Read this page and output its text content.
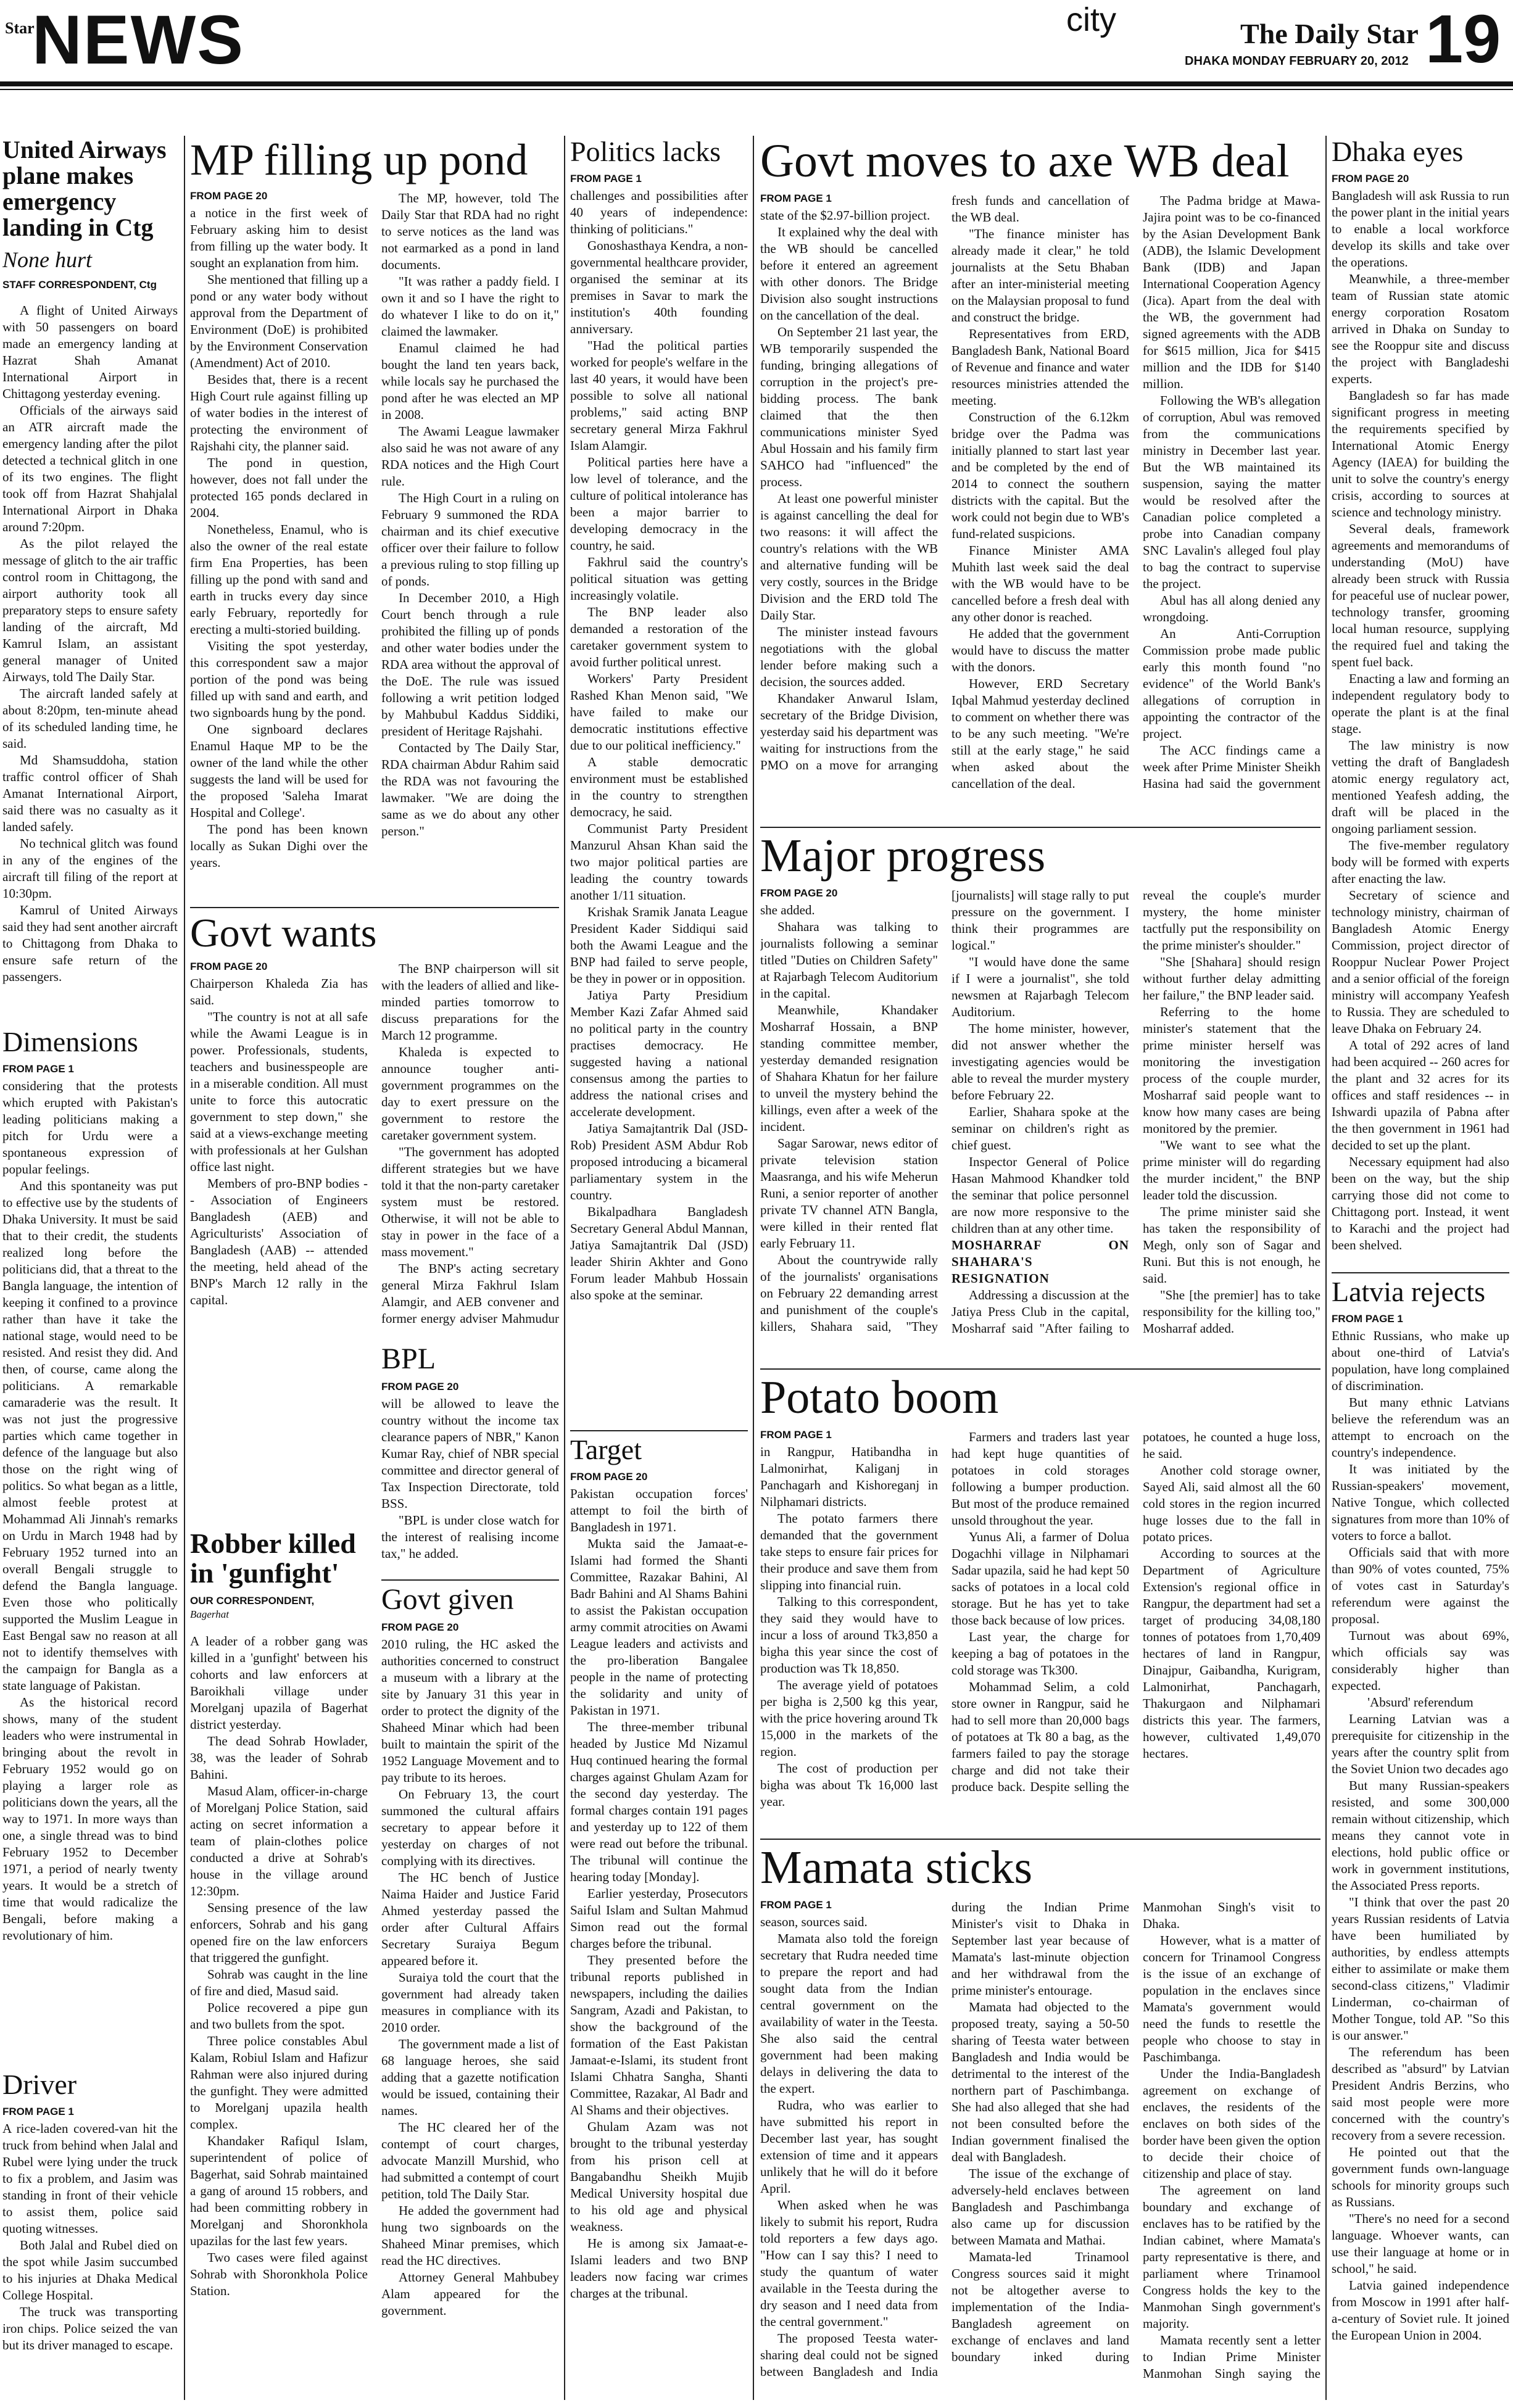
Star
NEWS	city	The Daily Star
DHAKA MONDAY FEBRUARY 20, 2012 19
United Airways plane makes emergency landing in Ctg
None hurt
STAFF CORRESPONDENT, Ctg

A flight of United Airways with 50 passengers on board made an emergency landing at Hazrat Shah Amanat International Airport in Chittagong yesterday evening.

Officials of the airways said an ATR aircraft made the emergency landing after the pilot detected a technical glitch in one of its two engines. The flight took off from Hazrat Shahjalal International Airport in Dhaka around 7:20pm.

As the pilot relayed the message of glitch to the air traffic control room in Chittagong, the airport authority took all preparatory steps to ensure safety landing of the aircraft, Md Kamrul Islam, an assistant general manager of United Airways, told The Daily Star.

The aircraft landed safely at about 8:20pm, ten-minute ahead of its scheduled landing time, he said.

Md Shamsuddoha, station traffic control officer of Shah Amanat International Airport, said there was no casualty as it landed safely.

No technical glitch was found in any of the engines of the aircraft till filing of the report at 10:30pm.

Kamrul of United Airways said they had sent another aircraft to Chittagong from Dhaka to ensure safe return of the passengers.

Dimensions
FROM PAGE 1

considering that the protests which erupted with Pakistan's leading politicians making a pitch for Urdu were a spontaneous expression of popular feelings.

And this spontaneity was put to effective use by the students of Dhaka University. It must be said that to their credit, the students realized long before the politicians did, that a threat to the Bangla language, the intention of keeping it confined to a province rather than have it take the national stage, would need to be resisted. And resist they did. And then, of course, came along the politicians. A remarkable camaraderie was the result. It was not just the progressive parties which came together in defence of the language but also those on the right wing of politics. So what began as a little, almost feeble protest at Mohammad Ali Jinnah's remarks on Urdu in March 1948 had by February 1952 turned into an overall Bengali struggle to defend the Bangla language. Even those who politically supported the Muslim League in East Bengal saw no reason at all not to identify themselves with the campaign for Bangla as a state language of Pakistan.

As the historical record shows, many of the student leaders who were instrumental in bringing about the revolt in February 1952 would go on playing a larger role as politicians down the years, all the way to 1971. In more ways than one, a single thread was to bind February 1952 to December 1971, a period of nearly twenty years. It would be a stretch of time that would radicalize the Bengali, before making a revolutionary of him.

Driver
FROM PAGE 1

A rice-laden covered-van hit the truck from behind when Jalal and Rubel were lying under the truck to fix a problem, and Jasim was standing in front of their vehicle to assist them, police said quoting witnesses.

Both Jalal and Rubel died on the spot while Jasim succumbed to his injuries at Dhaka Medical College Hospital.

The truck was transporting iron chips. Police seized the van but its driver managed to escape.

MP filling up pond
FROM PAGE 20

a notice in the first week of February asking him to desist from filling up the water body. It sought an explanation from him.

She mentioned that filling up a pond or any water body without approval from the Department of Environment (DoE) is prohibited by the Environment Conservation (Amendment) Act of 2010.

Besides that, there is a recent High Court rule against filling up of water bodies in the interest of protecting the environment of Rajshahi city, the planner said.

The pond in question, however, does not fall under the protected 165 ponds declared in 2004.

Nonetheless, Enamul, who is also the owner of the real estate firm Ena Properties, has been filling up the pond with sand and earth in trucks every day since early February, reportedly for erecting a multi-storied building.

Visiting the spot yesterday, this correspondent saw a major portion of the pond was being filled up with sand and earth, and two signboards hung by the pond.

One signboard declares Enamul Haque MP to be the owner of the land while the other suggests the land will be used for the proposed 'Saleha Imarat Hospital and College'.

The pond has been known locally as Sukan Dighi over the years.

The MP, however, told The Daily Star that RDA had no right to serve notices as the land was not earmarked as a pond in land documents.

"It was rather a paddy field. I own it and so I have the right to do whatever I like to do on it," claimed the lawmaker.

Enamul claimed he had bought the land ten years back, while locals say he purchased the pond after he was elected an MP in 2008.

The Awami League lawmaker also said he was not aware of any RDA notices and the High Court rule.

The High Court in a ruling on February 9 summoned the RDA chairman and its chief executive officer over their failure to follow a previous ruling to stop filling up of ponds.

In December 2010, a High Court bench through a rule prohibited the filling up of ponds and other water bodies under the RDA area without the approval of the DoE. The rule was issued following a writ petition lodged by Mahbubul Kaddus Siddiki, president of Heritage Rajshahi.

Contacted by The Daily Star, RDA chairman Abdur Rahim said the RDA was not favouring the lawmaker. "We are doing the same as we do about any other person."

Govt wants
FROM PAGE 20

Chairperson Khaleda Zia has said.

"The country is not at all safe while the Awami League is in power. Professionals, students, teachers and businesspeople are in a miserable condition. All must unite to force this autocratic government to step down," she said at a views-exchange meeting with professionals at her Gulshan office last night.

Members of pro-BNP bodies -- Association of Engineers Bangladesh (AEB) and Agriculturists' Association of Bangladesh (AAB) -- attended the meeting, held ahead of the BNP's March 12 rally in the capital.

The BNP chairperson will sit with the leaders of allied and like-minded parties tomorrow to discuss preparations for the March 12 programme.

Khaleda is expected to announce tougher anti-government programmes on the day to exert pressure on the government to restore the caretaker government system.

"The government has adopted different strategies but we have told it that the non-party caretaker system must be restored. Otherwise, it will not be able to stay in power in the face of a mass movement."

The BNP's acting secretary general Mirza Fakhrul Islam Alamgir, and AEB convener and former energy adviser Mahmudur

Robber killed in 'gunfight'
OUR CORRESPONDENT,
Bagerhat

A leader of a robber gang was killed in a 'gunfight' between his cohorts and law enforcers at Baroikhali village under Morelganj upazila of Bagerhat district yesterday.

The dead Sohrab Howlader, 38, was the leader of Sohrab Bahini.

Masud Alam, officer-in-charge of Morelganj Police Station, said acting on secret information a team of plain-clothes police conducted a drive at Sohrab's house in the village around 12:30pm.

Sensing presence of the law enforcers, Sohrab and his gang opened fire on the law enforcers that triggered the gunfight.

Sohrab was caught in the line of fire and died, Masud said.

Police recovered a pipe gun and two bullets from the spot.

Three police constables Abul Kalam, Robiul Islam and Hafizur Rahman were also injured during the gunfight. They were admitted to Morelganj upazila health complex.

Khandaker Rafiqul Islam, superintendent of police of Bagerhat, said Sohrab maintained a gang of around 15 robbers, and had been committing robbery in Morelganj and Shoronkhola upazilas for the last few years.

Two cases were filed against Sohrab with Shoronkhola Police Station.

BPL
FROM PAGE 20

will be allowed to leave the country without the income tax clearance papers of NBR," Kanon Kumar Ray, chief of NBR special committee and director general of Tax Inspection Directorate, told BSS.

"BPL is under close watch for the interest of realising income tax," he added.

Govt given
FROM PAGE 20

2010 ruling, the HC asked the authorities concerned to construct a museum with a library at the site by January 31 this year in order to protect the dignity of the Shaheed Minar which had been built to maintain the spirit of the 1952 Language Movement and to pay tribute to its heroes.

On February 13, the court summoned the cultural affairs secretary to appear before it yesterday on charges of not complying with its directives.

The HC bench of Justice Naima Haider and Justice Farid Ahmed yesterday passed the order after Cultural Affairs Secretary Suraiya Begum appeared before it.

Suraiya told the court that the government had already taken measures in compliance with its 2010 order.

The government made a list of 68 language heroes, she said adding that a gazette notification would be issued, containing their names.

The HC cleared her of the contempt of court charges, advocate Manzill Murshid, who had submitted a contempt of court petition, told The Daily Star.

He added the government had hung two signboards on the Shaheed Minar premises, which read the HC directives.

Attorney General Mahbubey Alam appeared for the government.

Politics lacks
FROM PAGE 1

challenges and possibilities after 40 years of independence: thinking of politicians."

Gonoshasthaya Kendra, a non-governmental healthcare provider, organised the seminar at its premises in Savar to mark the institution's 40th founding anniversary.

"Had the political parties worked for people's welfare in the last 40 years, it would have been possible to solve all national problems," said acting BNP secretary general Mirza Fakhrul Islam Alamgir.

Political parties here have a low level of tolerance, and the culture of political intolerance has been a major barrier to developing democracy in the country, he said.

Fakhrul said the country's political situation was getting increasingly volatile.

The BNP leader also demanded a restoration of the caretaker government system to avoid further political unrest.

Workers' Party President Rashed Khan Menon said, "We have failed to make our democratic institutions effective due to our political inefficiency."

A stable democratic environment must be established in the country to strengthen democracy, he said.

Communist Party President Manzurul Ahsan Khan said the two major political parties are leading the country towards another 1/11 situation.

Krishak Sramik Janata League President Kader Siddiqui said both the Awami League and the BNP had failed to serve people, be they in power or in opposition.

Jatiya Party Presidium Member Kazi Zafar Ahmed said no political party in the country practises democracy. He suggested having a national consensus among the parties to address the national crises and accelerate development.

Jatiya Samajtantrik Dal (JSD-Rob) President ASM Abdur Rob proposed introducing a bicameral parliamentary system in the country.

Bikalpadhara Bangladesh Secretary General Abdul Mannan, Jatiya Samajtantrik Dal (JSD) leader Shirin Akhter and Gono Forum leader Mahbub Hossain also spoke at the seminar.

Target
FROM PAGE 20

Pakistan occupation forces' attempt to foil the birth of Bangladesh in 1971.

Mukta said the Jamaat-e-Islami had formed the Shanti Committee, Razakar Bahini, Al Badr Bahini and Al Shams Bahini to assist the Pakistan occupation army commit atrocities on Awami League leaders and activists and the pro-liberation Bangalee people in the name of protecting the solidarity and unity of Pakistan in 1971.

The three-member tribunal headed by Justice Md Nizamul Huq continued hearing the formal charges against Ghulam Azam for the second day yesterday. The formal charges contain 191 pages and yesterday up to 122 of them were read out before the tribunal. The tribunal will continue the hearing today [Monday].

Earlier yesterday, Prosecutors Saiful Islam and Sultan Mahmud Simon read out the formal charges before the tribunal.

They presented before the tribunal reports published in newspapers, including the dailies Sangram, Azadi and Pakistan, to show the background of the formation of the East Pakistan Jamaat-e-Islami, its student front Islami Chhatra Sangha, Shanti Committee, Razakar, Al Badr and Al Shams and their objectives.

Ghulam Azam was not brought to the tribunal yesterday from his prison cell at Bangabandhu Sheikh Mujib Medical University hospital due to his old age and physical weakness.

He is among six Jamaat-e-Islami leaders and two BNP leaders now facing war crimes charges at the tribunal.

Govt moves to axe WB deal
FROM PAGE 1

state of the $2.97-billion project.

It explained why the deal with the WB should be cancelled before it entered an agreement with other donors. The Bridge Division also sought instructions on the cancellation of the deal.

On September 21 last year, the WB temporarily suspended the funding, bringing allegations of corruption in the project's pre-bidding process. The bank claimed that the then communications minister Syed Abul Hossain and his family firm SAHCO had "influenced" the process.

At least one powerful minister is against cancelling the deal for two reasons: it will affect the country's relations with the WB and alternative funding will be very costly, sources in the Bridge Division and the ERD told The Daily Star.

The minister instead favours negotiations with the global lender before making such a decision, the sources added.

Khandaker Anwarul Islam, secretary of the Bridge Division, yesterday said his department was waiting for instructions from the PMO on a move for arranging fresh funds and cancellation of the WB deal.

"The finance minister has already made it clear," he told journalists at the Setu Bhaban after an inter-ministerial meeting on the Malaysian proposal to fund and construct the bridge.

Representatives from ERD, Bangladesh Bank, National Board of Revenue and finance and water resources ministries attended the meeting.

Construction of the 6.12km bridge over the Padma was initially planned to start last year and be completed by the end of 2014 to connect the southern districts with the capital. But the work could not begin due to WB's fund-related suspicions.

Finance Minister AMA Muhith last week said the deal with the WB would have to be cancelled before a fresh deal with any other donor is reached.

He added that the government would have to discuss the matter with the donors.

However, ERD Secretary Iqbal Mahmud yesterday declined to comment on whether there was to be any such meeting. "We're still at the early stage," he said when asked about the cancellation of the deal.

The Padma bridge at Mawa-Jajira point was to be co-financed by the Asian Development Bank (ADB), the Islamic Development Bank (IDB) and Japan International Cooperation Agency (Jica). Apart from the deal with the WB, the government had signed agreements with the ADB for $615 million, Jica for $415 million and the IDB for $140 million.

Following the WB's allegation of corruption, Abul was removed from the communications ministry in December last year. But the WB maintained its suspension, saying the matter would be resolved after the Canadian police completed a probe into Canadian company SNC Lavalin's alleged foul play to bag the contract to supervise the project.

Abul has all along denied any wrongdoing.

An Anti-Corruption Commission probe made public early this month found "no evidence" of the World Bank's allegations of corruption in appointing the contractor of the project.

The ACC findings came a week after Prime Minister Sheikh Hasina had said the government

Major progress
FROM PAGE 20

she added.

Shahara was talking to journalists following a seminar titled "Duties on Children Safety" at Rajarbagh Telecom Auditorium in the capital.

Meanwhile, Khandaker Mosharraf Hossain, a BNP standing committee member, yesterday demanded resignation of Shahara Khatun for her failure to unveil the mystery behind the killings, even after a week of the incident.

Sagar Sarowar, news editor of private television station Maasranga, and his wife Meherun Runi, a senior reporter of another private TV channel ATN Bangla, were killed in their rented flat early February 11.

About the countrywide rally of the journalists' organisations on February 22 demanding arrest and punishment of the couple's killers, Shahara said, "They [journalists] will stage rally to put pressure on the government. I think their programmes are logical."

"I would have done the same if I were a journalist", she told newsmen at Rajarbagh Telecom Auditorium.

The home minister, however, did not answer whether the investigating agencies would be able to reveal the murder mystery before February 22.

Earlier, Shahara spoke at the seminar on children's right as chief guest.

Inspector General of Police Hasan Mahmood Khandker told the seminar that police personnel are now more responsive to the children than at any other time.

MOSHARRAF ON SHAHARA'S RESIGNATION

Addressing a discussion at the Jatiya Press Club in the capital, Mosharraf said "After failing to reveal the couple's murder mystery, the home minister tactfully put the responsibility on the prime minister's shoulder."

"She [Shahara] should resign without further delay admitting her failure," the BNP leader said.

Referring to the home minister's statement that the prime minister herself was monitoring the investigation process of the couple murder, Mosharraf said people want to know how many cases are being monitored by the premier.

"We want to see what the prime minister will do regarding the murder incident," the BNP leader told the discussion.

The prime minister said she has taken the responsibility of Megh, only son of Sagar and Runi. But this is not enough, he said.

"She [the premier] has to take responsibility for the killing too," Mosharraf added.

Potato boom
FROM PAGE 1

in Rangpur, Hatibandha in Lalmonirhat, Kaliganj in Panchagarh and Kishoreganj in Nilphamari districts.

The potato farmers there demanded that the government take steps to ensure fair prices for their produce and save them from slipping into financial ruin.

Talking to this correspondent, they said they would have to incur a loss of around Tk3,850 a bigha this year since the cost of production was Tk 18,850.

The average yield of potatoes per bigha is 2,500 kg this year, with the price hovering around Tk 15,000 in the markets of the region.

The cost of production per bigha was about Tk 16,000 last year.

Farmers and traders last year had kept huge quantities of potatoes in cold storages following a bumper production. But most of the produce remained unsold throughout the year.

Yunus Ali, a farmer of Dolua Dogachhi village in Nilphamari Sadar upazila, said he had kept 50 sacks of potatoes in a local cold storage. But he has yet to take those back because of low prices.

Last year, the charge for keeping a bag of potatoes in the cold storage was Tk300.

Mohammad Selim, a cold store owner in Rangpur, said he had to sell more than 20,000 bags of potatoes at Tk 80 a bag, as the farmers failed to pay the storage charge and did not take their produce back. Despite selling the potatoes, he counted a huge loss, he said.

Another cold storage owner, Sayed Ali, said almost all the 60 cold stores in the region incurred huge losses due to the fall in potato prices.

According to sources at the Department of Agriculture Extension's regional office in Rangpur, the department had set a target of producing 34,08,180 tonnes of potatoes from 1,70,409 hectares of land in Rangpur, Dinajpur, Gaibandha, Kurigram, Lalmonirhat, Panchagarh, Thakurgaon and Nilphamari districts this year. The farmers, however, cultivated 1,49,070 hectares.

Mamata sticks
FROM PAGE 1

season, sources said.

Mamata also told the foreign secretary that Rudra needed time to prepare the report and had sought data from the Indian central government on the availability of water in the Teesta. She also said the central government had been making delays in delivering the data to the expert.

Rudra, who was earlier to have submitted his report in December last year, has sought extension of time and it appears unlikely that he will do it before April.

When asked when he was likely to submit his report, Rudra told reporters a few days ago. "How can I say this? I need to study the quantum of water available in the Teesta during the dry season and I need data from the central government."

The proposed Teesta water-sharing deal could not be signed between Bangladesh and India during the Indian Prime Minister's visit to Dhaka in September last year because of Mamata's last-minute objection and her withdrawal from the prime minister's entourage.

Mamata had objected to the proposed treaty, saying a 50-50 sharing of Teesta water between Bangladesh and India would be detrimental to the interest of the northern part of Paschimbanga. She had also alleged that she had not been consulted before the Indian government finalised the deal with Bangladesh.

The issue of the exchange of adversely-held enclaves between Bangladesh and Paschimbanga also came up for discussion between Mamata and Mathai.

Mamata-led Trinamool Congress sources said it might not be altogether averse to implementation of the India-Bangladesh agreement on exchange of enclaves and land boundary inked during Manmohan Singh's visit to Dhaka.

However, what is a matter of concern for Trinamool Congress is the issue of an exchange of population in the enclaves since Mamata's government would need the funds to resettle the people who choose to stay in Paschimbanga.

Under the India-Bangladesh agreement on exchange of enclaves, the residents of the enclaves on both sides of the border have been given the option to decide their choice of citizenship and place of stay.

The agreement on land boundary and exchange of enclaves has to be ratified by the Indian cabinet, where Mamata's party representative is there, and parliament where Trinamool Congress holds the key to the Manmohan Singh government's majority.

Mamata recently sent a letter to Indian Prime Minister Manmohan Singh saying the

Dhaka eyes
FROM PAGE 20

Bangladesh will ask Russia to run the power plant in the initial years to enable a local workforce develop its skills and take over the operations.

Meanwhile, a three-member team of Russian state atomic energy corporation Rosatom arrived in Dhaka on Sunday to see the Rooppur site and discuss the project with Bangladeshi experts.

Bangladesh so far has made significant progress in meeting the requirements specified by International Atomic Energy Agency (IAEA) for building the unit to solve the country's energy crisis, according to sources at science and technology ministry.

Several deals, framework agreements and memorandums of understanding (MoU) have already been struck with Russia for peaceful use of nuclear power, technology transfer, grooming local human resource, supplying the required fuel and taking the spent fuel back.

Enacting a law and forming an independent regulatory body to operate the plant is at the final stage.

The law ministry is now vetting the draft of Bangladesh atomic energy regulatory act, mentioned Yeafesh adding, the draft will be placed in the ongoing parliament session.

The five-member regulatory body will be formed with experts after enacting the law.

Secretary of science and technology ministry, chairman of Bangladesh Atomic Energy Commission, project director of Rooppur Nuclear Power Project and a senior official of the foreign ministry will accompany Yeafesh to Russia. They are scheduled to leave Dhaka on February 24.

A total of 292 acres of land had been acquired -- 260 acres for the plant and 32 acres for its offices and staff residences -- in Ishwardi upazila of Pabna after the then government in 1961 had decided to set up the plant.

Necessary equipment had also been on the way, but the ship carrying those did not come to Chittagong port. Instead, it went to Karachi and the project had been shelved.

Latvia rejects
FROM PAGE 1

Ethnic Russians, who make up about one-third of Latvia's population, have long complained of discrimination.

But many ethnic Latvians believe the referendum was an attempt to encroach on the country's independence.

It was initiated by the Russian-speakers' movement, Native Tongue, which collected signatures from more than 10% of voters to force a ballot.

Officials said that with more than 90% of votes counted, 75% of votes cast in Saturday's referendum were against the proposal.

Turnout was about 69%, which officials say was considerably higher than expected.

'Absurd' referendum

Learning Latvian was a prerequisite for citizenship in the years after the country split from the Soviet Union two decades ago

But many Russian-speakers resisted, and some 300,000 remain without citizenship, which means they cannot vote in elections, hold public office or work in government institutions, the Associated Press reports.

"I think that over the past 20 years Russian residents of Latvia have been humiliated by authorities, by endless attempts either to assimilate or make them second-class citizens," Vladimir Linderman, co-chairman of Mother Tongue, told AP. "So this is our answer."

The referendum has been described as "absurd" by Latvian President Andris Berzins, who said most people were more concerned with the country's recovery from a severe recession.

He pointed out that the government funds own-language schools for minority groups such as Russians.

"There's no need for a second language. Whoever wants, can use their language at home or in school," he said.

Latvia gained independence from Moscow in 1991 after half-a-century of Soviet rule. It joined the European Union in 2004.
